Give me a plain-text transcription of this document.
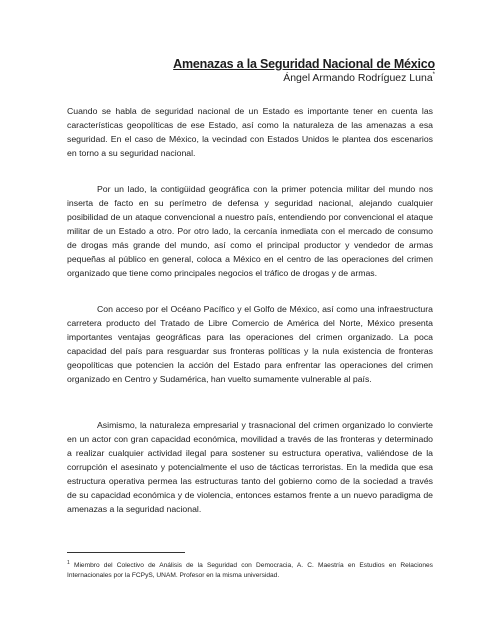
Amenazas a la Seguridad Nacional de México
Ángel Armando Rodríguez Luna*

Cuando se habla de seguridad nacional de un Estado es importante tener en cuenta las características geopolíticas de ese Estado, así como la naturaleza de las amenazas a esa seguridad. En el caso de México, la vecindad con Estados Unidos le plantea dos escenarios en torno a su seguridad nacional.

Por un lado, la contigüidad geográfica con la primer potencia militar del mundo nos inserta de facto en su perímetro de defensa y seguridad nacional, alejando cualquier posibilidad de un ataque convencional a nuestro país, entendiendo por convencional el ataque militar de un Estado a otro. Por otro lado, la cercanía inmediata con el mercado de consumo de drogas más grande del mundo, así como el principal productor y vendedor de armas pequeñas al público en general, coloca a México en el centro de las operaciones del crimen organizado que tiene como principales negocios el tráfico de drogas y de armas.

Con acceso por el Océano Pacífico y el Golfo de México, así como una infraestructura carretera producto del Tratado de Libre Comercio de América del Norte, México presenta importantes ventajas geográficas para las operaciones del crimen organizado. La poca capacidad del país para resguardar sus fronteras políticas y la nula existencia de fronteras geopolíticas que potencien la acción del Estado para enfrentar las operaciones del crimen organizado en Centro y Sudamérica, han vuelto sumamente vulnerable al país.

Asimismo, la naturaleza empresarial y trasnacional del crimen organizado lo convierte en un actor con gran capacidad económica, movilidad a través de las fronteras y determinado a realizar cualquier actividad ilegal para sostener su estructura operativa, valiéndose de la corrupción el asesinato y potencialmente el uso de tácticas terroristas. En la medida que esa estructura operativa permea las estructuras tanto del gobierno como de la sociedad a través de su capacidad económica y de violencia, entonces estamos frente a un nuevo paradigma de amenazas a la seguridad nacional.

$^1$ Miembro del Colectivo de Análisis de la Seguridad con Democracia, A. C. Maestría en Estudios en Relaciones Internacionales por la FCPyS, UNAM. Profesor en la misma universidad.
